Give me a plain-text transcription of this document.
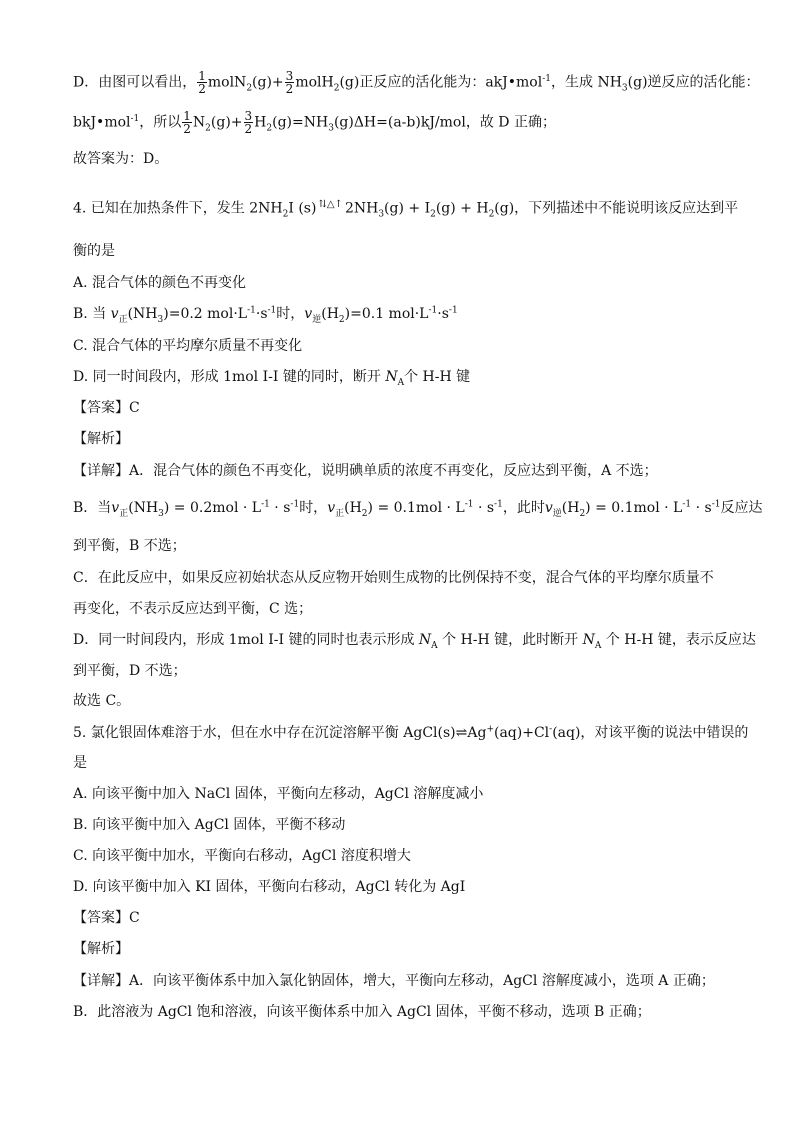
D．由图可以看出， $\frac{1}{2}$ molN$_2$(g)+ $\frac{3}{2}$ molH$_2$(g)正反应的活化能为：akJ•mol$^{-1}$，生成 $NH_3(g)$逆反应的活化能：
bkJ•mol$^{-1}$，所以 $\frac{1}{2} N_2(g)+ \frac{3}{2} H_2(g)=NH_3(g)\Delta H=(a-b)kJ/mol$，故 D 正确；
故答案为：D。
4. 已知在加热条件下，发生 $2NH_2I$ (s) ⇅△↑ $2NH_3(g) + I_2(g) + H_2(g)$，下列描述中不能说明该反应达到平
衡的是
A. 混合气体的颜色不再变化
B. 当 $v_正(NH_3)=0.2$ $mol\cdot L^{-1}\cdot s^{-1}$时，$v_逆(H_2)=0.1$ $mol\cdot L^{-1}\cdot s^{-1}$
C. 混合气体的平均摩尔质量不再变化
D. 同一时间段内，形成 1mol I-I 键的同时，断开 $N_A$个 H-H 键
【答案】C
【解析】
【详解】A．混合气体的颜色不再变化，说明碘单质的浓度不再变化，反应达到平衡，A 不选；
B．当$v_正(NH_3) = 0.2mol \cdot L^{-1} \cdot s^{-1}$时，$v_正(H_2) = 0.1mol \cdot L^{-1} \cdot s^{-1}$，此时$v_逆(H_2) = 0.1mol \cdot L^{-1} \cdot s^{-1}$反应达
到平衡，B 不选；
C．在此反应中，如果反应初始状态从反应物开始则生成物的比例保持不变，混合气体的平均摩尔质量不
再变化，不表示反应达到平衡，C 选；
D．同一时间段内，形成 1mol I-I 键的同时也表示形成 $N_A$ 个 H-H 键，此时断开 $N_A$ 个 H-H 键，表示反应达
到平衡，D 不选；
故选 C。
5. 氯化银固体难溶于水，但在水中存在沉淀溶解平衡 AgCl(s)⇌Ag+(aq)+Cl-(aq)，对该平衡的说法中错误的
是
A. 向该平衡中加入 NaCl 固体，平衡向左移动，AgCl 溶解度减小
B. 向该平衡中加入 AgCl 固体，平衡不移动
C. 向该平衡中加水，平衡向右移动，AgCl 溶度积增大
D. 向该平衡中加入 KI 固体，平衡向右移动，AgCl 转化为 AgI
【答案】C
【解析】
【详解】A．向该平衡体系中加入氯化钠固体，增大，平衡向左移动，AgCl 溶解度减小，选项 A 正确；
B．此溶液为 AgCl 饱和溶液，向该平衡体系中加入 AgCl 固体，平衡不移动，选项 B 正确；
